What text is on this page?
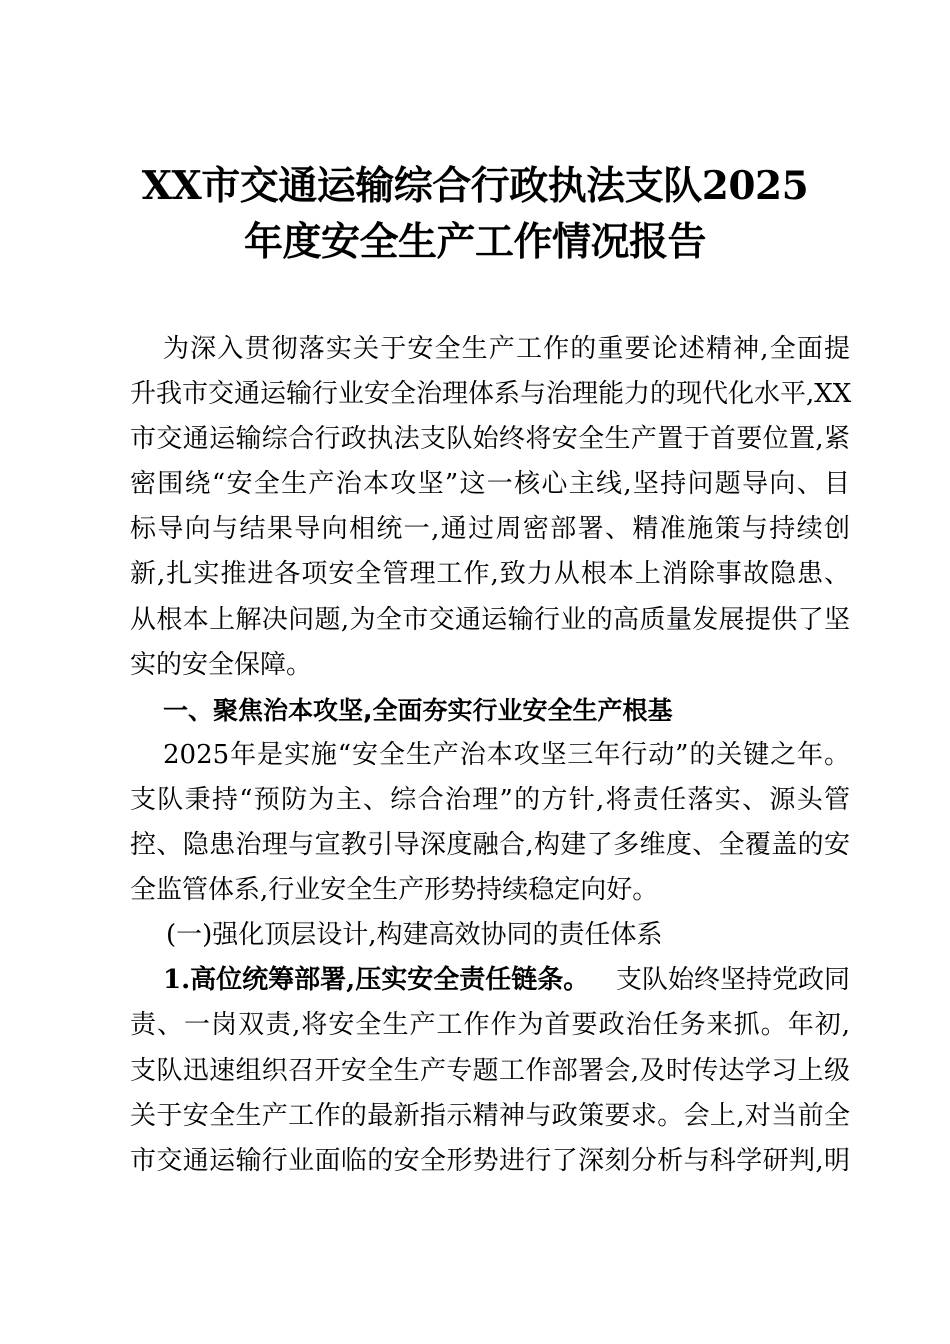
XX市交通运输综合行政执法支队2025
年度安全生产工作情况报告
为深入贯彻落实关于安全生产工作的重要论述精神,全面提
升我市交通运输行业安全治理体系与治理能力的现代化水平,XX
市交通运输综合行政执法支队始终将安全生产置于首要位置,紧
密围绕“安全生产治本攻坚”这一核心主线,坚持问题导向、目
标导向与结果导向相统一,通过周密部署、精准施策与持续创
新,扎实推进各项安全管理工作,致力从根本上消除事故隐患、
从根本上解决问题,为全市交通运输行业的高质量发展提供了坚
实的安全保障。
一、聚焦治本攻坚,全面夯实行业安全生产根基
2025年是实施“安全生产治本攻坚三年行动”的关键之年。
支队秉持“预防为主、综合治理”的方针,将责任落实、源头管
控、隐患治理与宣教引导深度融合,构建了多维度、全覆盖的安
全监管体系,行业安全生产形势持续稳定向好。
(一)强化顶层设计,构建高效协同的责任体系
1.高位统筹部署,压实安全责任链条。 支队始终坚持党政同
责、一岗双责,将安全生产工作作为首要政治任务来抓。年初,
支队迅速组织召开安全生产专题工作部署会,及时传达学习上级
关于安全生产工作的最新指示精神与政策要求。会上,对当前全
市交通运输行业面临的安全形势进行了深刻分析与科学研判,明
